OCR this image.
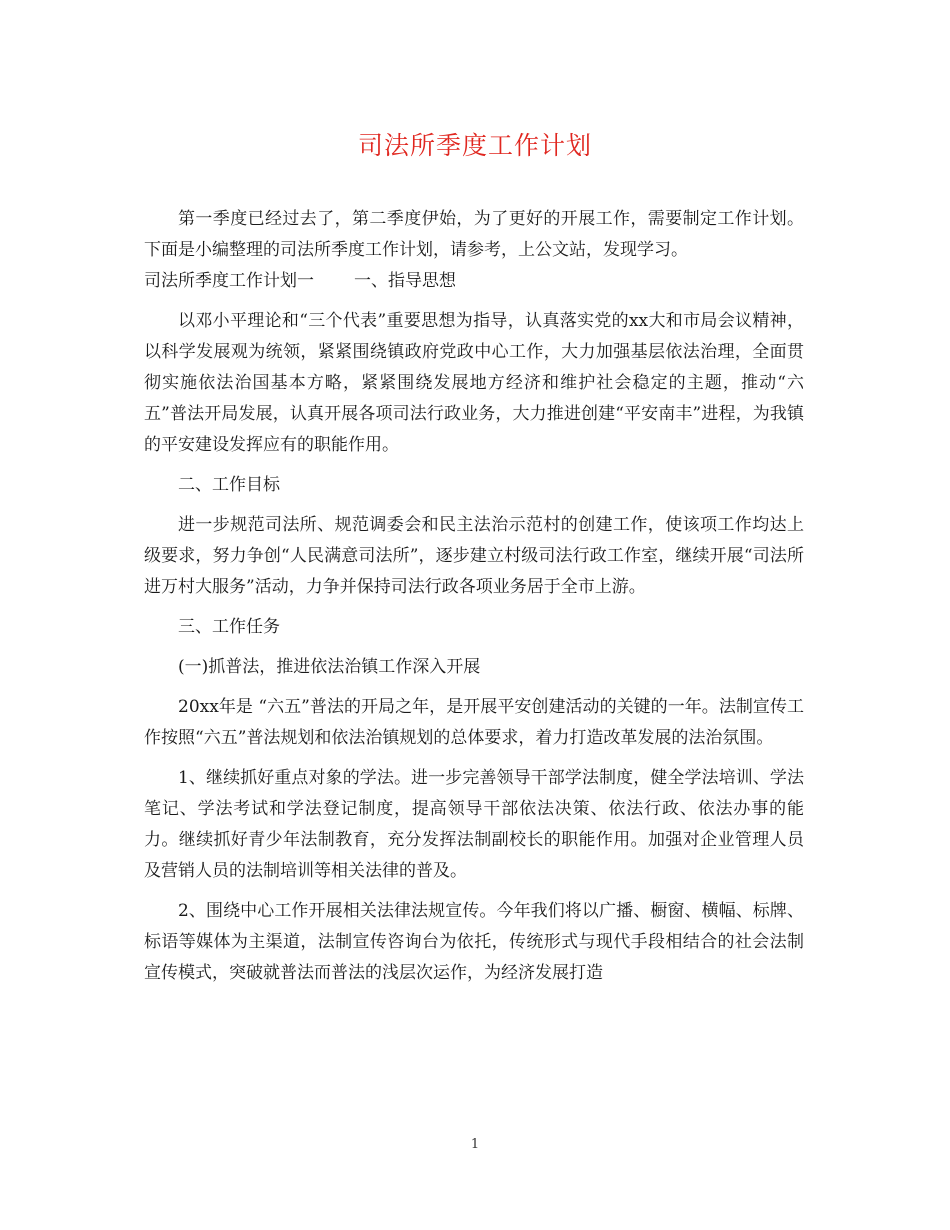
司法所季度工作计划

第一季度已经过去了，第二季度伊始，为了更好的开展工作，需要制定工作计划。下面是小编整理的司法所季度工作计划，请参考，上公文站，发现学习。

司法所季度工作计划一 一、指导思想

以邓小平理论和“三个代表”重要思想为指导，认真落实党的xx大和市局会议精神，以科学发展观为统领，紧紧围绕镇政府党政中心工作，大力加强基层依法治理，全面贯彻实施依法治国基本方略，紧紧围绕发展地方经济和维护社会稳定的主题，推动“六五”普法开局发展，认真开展各项司法行政业务，大力推进创建“平安南丰”进程，为我镇的平安建设发挥应有的职能作用。

二、工作目标

进一步规范司法所、规范调委会和民主法治示范村的创建工作，使该项工作均达上级要求，努力争创“人民满意司法所”，逐步建立村级司法行政工作室，继续开展“司法所进万村大服务”活动，力争并保持司法行政各项业务居于全市上游。

三、工作任务

(一)抓普法，推进依法治镇工作深入开展

20xx年是 “六五”普法的开局之年，是开展平安创建活动的关键的一年。法制宣传工作按照“六五”普法规划和依法治镇规划的总体要求，着力打造改革发展的法治氛围。

1、继续抓好重点对象的学法。进一步完善领导干部学法制度，健全学法培训、学法笔记、学法考试和学法登记制度，提高领导干部依法决策、依法行政、依法办事的能力。继续抓好青少年法制教育，充分发挥法制副校长的职能作用。加强对企业管理人员及营销人员的法制培训等相关法律的普及。

2、围绕中心工作开展相关法律法规宣传。今年我们将以广播、橱窗、横幅、标牌、标语等媒体为主渠道，法制宣传咨询台为依托，传统形式与现代手段相结合的社会法制宣传模式，突破就普法而普法的浅层次运作，为经济发展打造

1
